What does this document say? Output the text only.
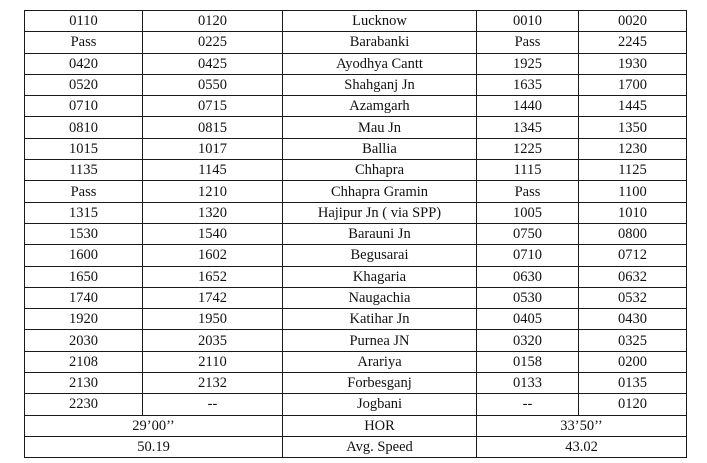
0110	0120	Lucknow	0010	0020
Pass	0225	Barabanki	Pass	2245
0420	0425	Ayodhya Cantt	1925	1930
0520	0550	Shahganj Jn	1635	1700
0710	0715	Azamgarh	1440	1445
0810	0815	Mau Jn	1345	1350
1015	1017	Ballia	1225	1230
1135	1145	Chhapra	1115	1125
Pass	1210	Chhapra Gramin	Pass	1100
1315	1320	Hajipur Jn ( via SPP)	1005	1010
1530	1540	Barauni Jn	0750	0800
1600	1602	Begusarai	0710	0712
1650	1652	Khagaria	0630	0632
1740	1742	Naugachia	0530	0532
1920	1950	Katihar Jn	0405	0430
2030	2035	Purnea JN	0320	0325
2108	2110	Arariya	0158	0200
2130	2132	Forbesganj	0133	0135
2230	--	Jogbani	--	0120
29’00’’		HOR	33’50’’	
50.19		Avg. Speed	43.02	
